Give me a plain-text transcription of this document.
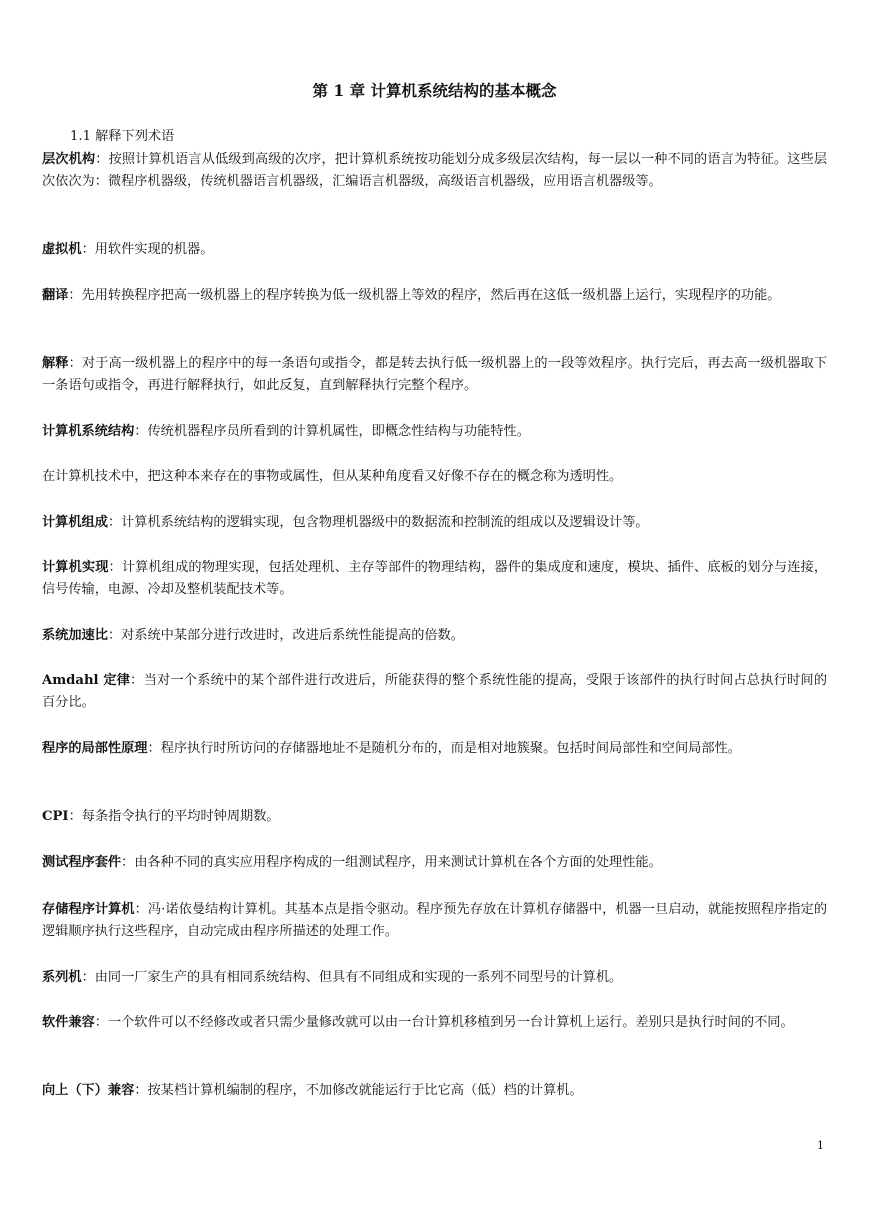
第 1 章 计算机系统结构的基本概念
1.1 解释下列术语

层次机构：按照计算机语言从低级到高级的次序，把计算机系统按功能划分成多级层次结构，每一层以一种不同的语言为特征。这些层次依次为：微程序机器级，传统机器语言机器级，汇编语言机器级，高级语言机器级，应用语言机器级等。

虚拟机：用软件实现的机器。

翻译：先用转换程序把高一级机器上的程序转换为低一级机器上等效的程序，然后再在这低一级机器上运行，实现程序的功能。

解释：对于高一级机器上的程序中的每一条语句或指令，都是转去执行低一级机器上的一段等效程序。执行完后，再去高一级机器取下一条语句或指令，再进行解释执行，如此反复，直到解释执行完整个程序。

计算机系统结构：传统机器程序员所看到的计算机属性，即概念性结构与功能特性。

在计算机技术中，把这种本来存在的事物或属性，但从某种角度看又好像不存在的概念称为透明性。

计算机组成：计算机系统结构的逻辑实现，包含物理机器级中的数据流和控制流的组成以及逻辑设计等。

计算机实现：计算机组成的物理实现，包括处理机、主存等部件的物理结构，器件的集成度和速度，模块、插件、底板的划分与连接，信号传输，电源、冷却及整机装配技术等。

系统加速比：对系统中某部分进行改进时，改进后系统性能提高的倍数。

Amdahl 定律：当对一个系统中的某个部件进行改进后，所能获得的整个系统性能的提高，受限于该部件的执行时间占总执行时间的百分比。

程序的局部性原理：程序执行时所访问的存储器地址不是随机分布的，而是相对地簇聚。包括时间局部性和空间局部性。

CPI：每条指令执行的平均时钟周期数。

测试程序套件：由各种不同的真实应用程序构成的一组测试程序，用来测试计算机在各个方面的处理性能。

存储程序计算机：冯·诺依曼结构计算机。其基本点是指令驱动。程序预先存放在计算机存储器中，机器一旦启动，就能按照程序指定的逻辑顺序执行这些程序，自动完成由程序所描述的处理工作。

系列机：由同一厂家生产的具有相同系统结构、但具有不同组成和实现的一系列不同型号的计算机。

软件兼容：一个软件可以不经修改或者只需少量修改就可以由一台计算机移植到另一台计算机上运行。差别只是执行时间的不同。

向上（下）兼容：按某档计算机编制的程序，不加修改就能运行于比它高（低）档的计算机。

1
